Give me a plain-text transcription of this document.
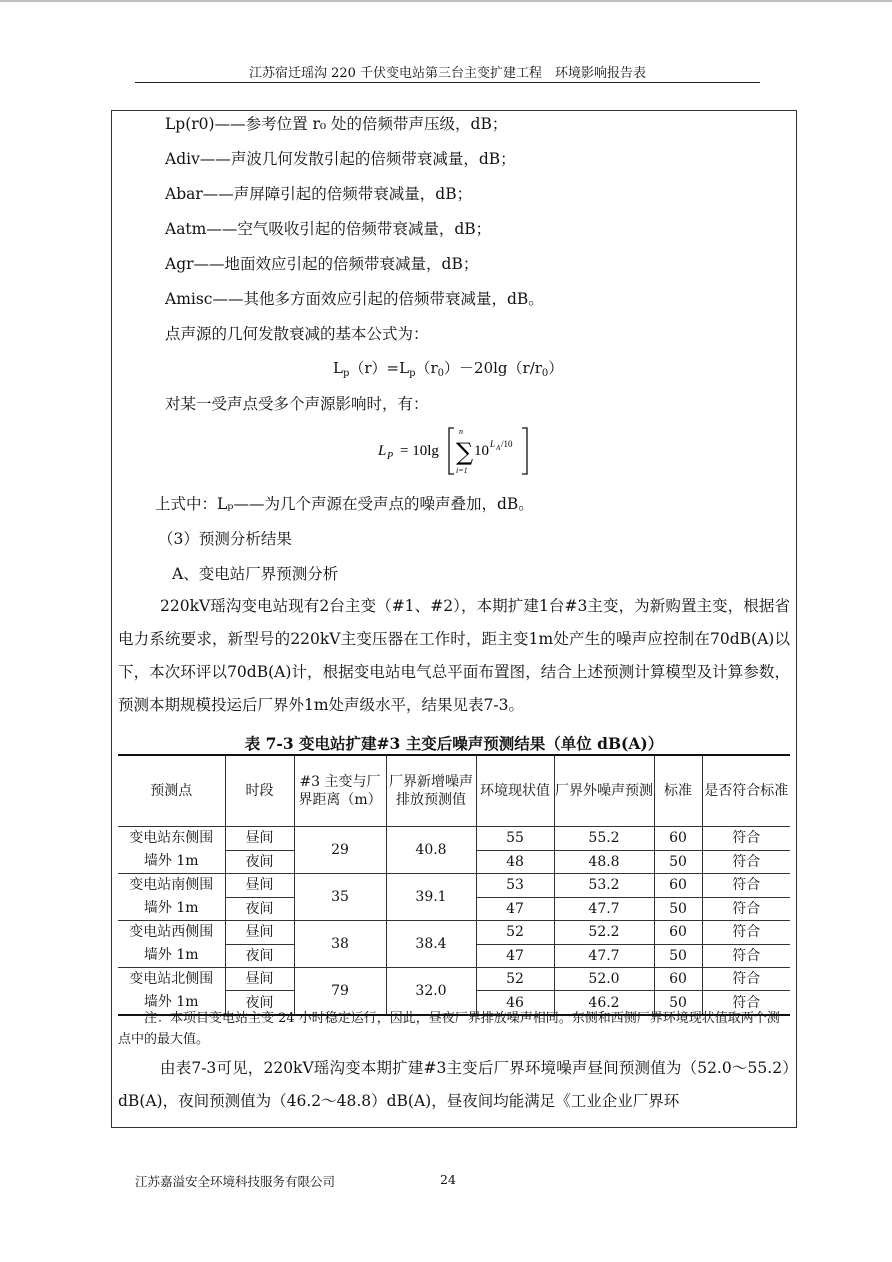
江苏宿迁瑶沟 220 千伏变电站第三台主变扩建工程　环境影响报告表
Lp(r0)——参考位置 r₀ 处的倍频带声压级，dB；
Adiv——声波几何发散引起的倍频带衰减量，dB；
Abar——声屏障引起的倍频带衰减量，dB；
Aatm——空气吸收引起的倍频带衰减量，dB；
Agr——地面效应引起的倍频带衰减量，dB；
Amisc——其他多方面效应引起的倍频带衰减量，dB。
点声源的几何发散衰减的基本公式为：
$L_p(r)=L_p(r_0)-20\lg(r/r_0)$
对某一受声点受多个声源影响时，有：
L P = 10lg
n
∑
i=1
10 L A /10
上式中：Lₚ——为几个声源在受声点的噪声叠加，dB。
（3）预测分析结果
A、变电站厂界预测分析
220kV瑶沟变电站现有2台主变（#1、#2），本期扩建1台#3主变，为新购置主变，根据省电力系统要求，新型号的220kV主变压器在工作时，距主变1m处产生的噪声应控制在70dB(A)以下，本次环评以70dB(A)计，根据变电站电气总平面布置图，结合上述预测计算模型及计算参数，预测本期规模投运后厂界外1m处声级水平，结果见表7-3。
表 7-3 变电站扩建#3 主变后噪声预测结果（单位 dB(A)）
预测点	时段	#3 主变与厂界距离（m）	厂界新增噪声排放预测值	环境现状值	厂界外噪声预测	标准	是否符合标准
变电站东侧围墙外 1m	昼间	29	40.8	55	55.2	60	符合
	夜间			48	48.8	50	符合
变电站南侧围墙外 1m	昼间	35	39.1	53	53.2	60	符合
	夜间			47	47.7	50	符合
变电站西侧围墙外 1m	昼间	38	38.4	52	52.2	60	符合
	夜间			47	47.7	50	符合
变电站北侧围墙外 1m	昼间	79	32.0	52	52.0	60	符合
	夜间			46	46.2	50	符合
注：本项目变电站主变 24 小时稳定运行，因此，昼夜厂界排放噪声相同。东侧和西侧厂界环境现状值取两个测点中的最大值。
由表7-3可见，220kV瑶沟变本期扩建#3主变后厂界环境噪声昼间预测值为（52.0～55.2）dB(A)，夜间预测值为（46.2～48.8）dB(A)，昼夜间均能满足《工业企业厂界环
江苏嘉溢安全环境科技服务有限公司	24
